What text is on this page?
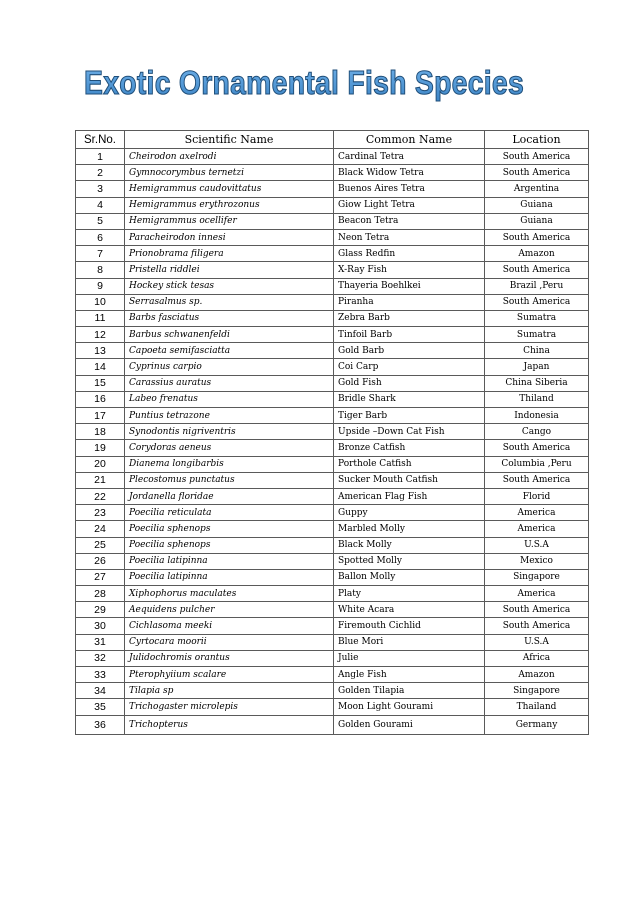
Exotic Ornamental Fish Species
Sr.No.	Scientific Name	Common Name	Location
1	Cheirodon axelrodi	Cardinal Tetra	South America
2	Gymnocorymbus ternetzi	Black Widow Tetra	South America
3	Hemigrammus caudovittatus	Buenos Aires Tetra	Argentina
4	Hemigrammus erythrozonus	Giow Light Tetra	Guiana
5	Hemigrammus ocellifer	Beacon Tetra	Guiana
6	Paracheirodon innesi	Neon Tetra	South America
7	Prionobrama filigera	Glass Redfin	Amazon
8	Pristella riddlei	X-Ray Fish	South America
9	Hockey stick tesas	Thayeria Boehlkei	Brazil ,Peru
10	Serrasalmus sp.	Piranha	South America
11	Barbs fasciatus	Zebra Barb	Sumatra
12	Barbus schwanenfeldi	Tinfoil Barb	Sumatra
13	Capoeta semifasciatta	Gold Barb	China
14	Cyprinus carpio	Coi Carp	Japan
15	Carassius auratus	Gold Fish	China Siberia
16	Labeo frenatus	Bridle Shark	Thiland
17	Puntius tetrazone	Tiger Barb	Indonesia
18	Synodontis nigriventris	Upside –Down Cat Fish	Cango
19	Corydoras aeneus	Bronze Catfish	South America
20	Dianema longibarbis	Porthole Catfish	Columbia ,Peru
21	Plecostomus punctatus	Sucker Mouth Catfish	South America
22	Jordanella floridae	American Flag Fish	Florid
23	Poecilia reticulata	Guppy	America
24	Poecilia sphenops	Marbled Molly	America
25	Poecilia sphenops	Black Molly	U.S.A
26	Poecilia latipinna	Spotted Molly	Mexico
27	Poecilia latipinna	Ballon Molly	Singapore
28	Xiphophorus maculates	Platy	America
29	Aequidens pulcher	White Acara	South America
30	Cichlasoma meeki	Firemouth Cichlid	South America
31	Cyrtocara moorii	Blue Mori	U.S.A
32	Julidochromis orantus	Julie	Africa
33	Pterophyiium scalare	Angle Fish	Amazon
34	Tilapia sp	Golden Tilapia	Singapore
35	Trichogaster microlepis	Moon Light Gourami	Thailand
36	Trichopterus	Golden Gourami	Germany
